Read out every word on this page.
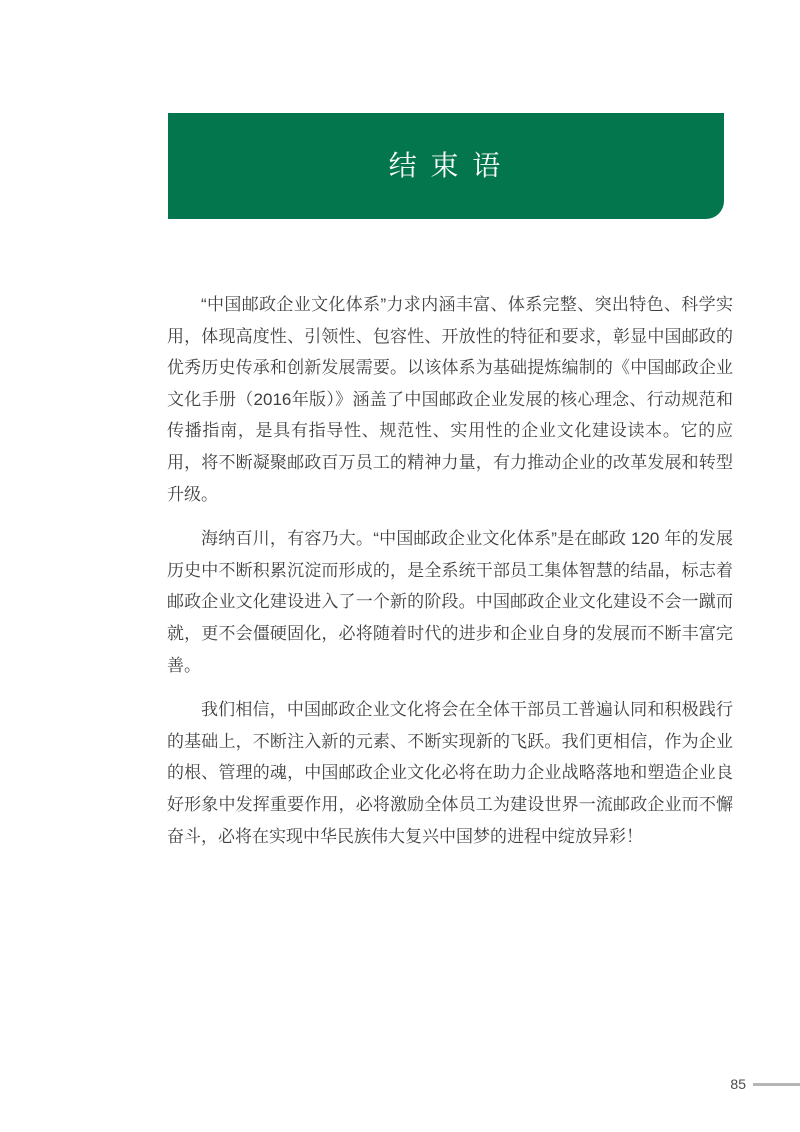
结 束 语

“中国邮政企业文化体系”力求内涵丰富、体系完整、突出特色、科学实用，体现高度性、引领性、包容性、开放性的特征和要求，彰显中国邮政的优秀历史传承和创新发展需要。以该体系为基础提炼编制的《中国邮政企业文化手册（2016年版）》涵盖了中国邮政企业发展的核心理念、行动规范和传播指南，是具有指导性、规范性、实用性的企业文化建设读本。它的应用，将不断凝聚邮政百万员工的精神力量，有力推动企业的改革发展和转型升级。

海纳百川，有容乃大。“中国邮政企业文化体系”是在邮政 120 年的发展历史中不断积累沉淀而形成的，是全系统干部员工集体智慧的结晶，标志着邮政企业文化建设进入了一个新的阶段。中国邮政企业文化建设不会一蹴而就，更不会僵硬固化，必将随着时代的进步和企业自身的发展而不断丰富完善。

我们相信，中国邮政企业文化将会在全体干部员工普遍认同和积极践行的基础上，不断注入新的元素、不断实现新的飞跃。我们更相信，作为企业的根、管理的魂，中国邮政企业文化必将在助力企业战略落地和塑造企业良好形象中发挥重要作用，必将激励全体员工为建设世界一流邮政企业而不懈奋斗，必将在实现中华民族伟大复兴中国梦的进程中绽放异彩！

85
